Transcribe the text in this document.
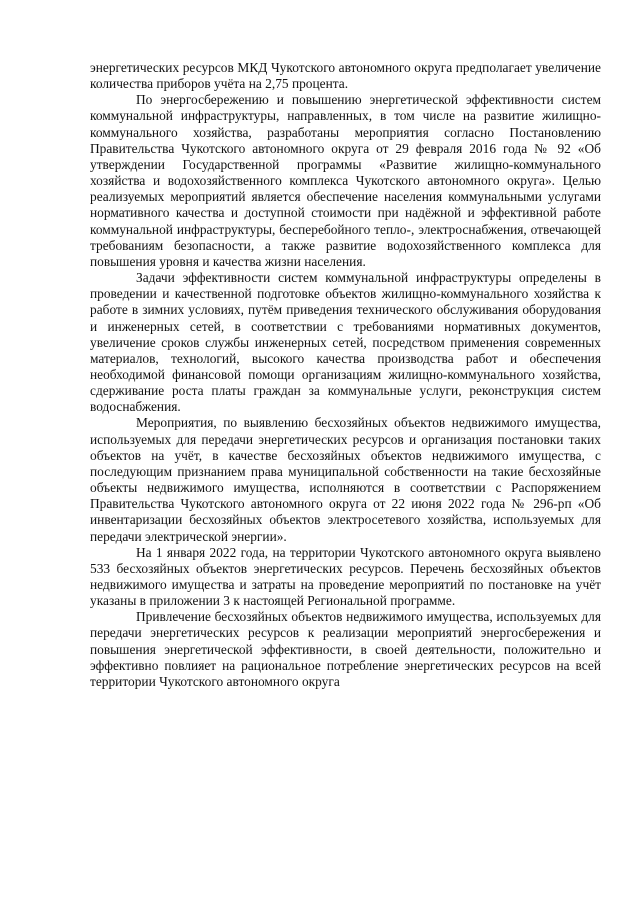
энергетических ресурсов МКД Чукотского автономного округа предполагает увеличение количества приборов учёта на 2,75 процента.

По энергосбережению и повышению энергетической эффективности систем коммунальной инфраструктуры, направленных, в том числе на развитие жилищно-коммунального хозяйства, разработаны мероприятия согласно Постановлению Правительства Чукотского автономного округа от 29 февраля 2016 года № 92 «Об утверждении Государственной программы «Развитие жилищно-коммунального хозяйства и водохозяйственного комплекса Чукотского автономного округа». Целью реализуемых мероприятий является обеспечение населения коммунальными услугами нормативного качества и доступной стоимости при надёжной и эффективной работе коммунальной инфраструктуры, бесперебойного тепло-, электроснабжения, отвечающей требованиям безопасности, а также развитие водохозяйственного комплекса для повышения уровня и качества жизни населения.

Задачи эффективности систем коммунальной инфраструктуры определены в проведении и качественной подготовке объектов жилищно-коммунального хозяйства к работе в зимних условиях, путём приведения технического обслуживания оборудования и инженерных сетей, в соответствии с требованиями нормативных документов, увеличение сроков службы инженерных сетей, посредством применения современных материалов, технологий, высокого качества производства работ и обеспечения необходимой финансовой помощи организациям жилищно-коммунального хозяйства, сдерживание роста платы граждан за коммунальные услуги, реконструкция систем водоснабжения.

Мероприятия, по выявлению бесхозяйных объектов недвижимого имущества, используемых для передачи энергетических ресурсов и организация постановки таких объектов на учёт, в качестве бесхозяйных объектов недвижимого имущества, с последующим признанием права муниципальной собственности на такие бесхозяйные объекты недвижимого имущества, исполняются в соответствии с Распоряжением Правительства Чукотского автономного округа от 22 июня 2022 года № 296-рп «Об инвентаризации бесхозяйных объектов электросетевого хозяйства, используемых для передачи электрической энергии».

На 1 января 2022 года, на территории Чукотского автономного округа выявлено 533 бесхозяйных объектов энергетических ресурсов. Перечень бесхозяйных объектов недвижимого имущества и затраты на проведение мероприятий по постановке на учёт указаны в приложении 3 к настоящей Региональной программе.

Привлечение бесхозяйных объектов недвижимого имущества, используемых для передачи энергетических ресурсов к реализации мероприятий энергосбережения и повышения энергетической эффективности, в своей деятельности, положительно и эффективно повлияет на рациональное потребление энергетических ресурсов на всей территории Чукотского автономного округа
